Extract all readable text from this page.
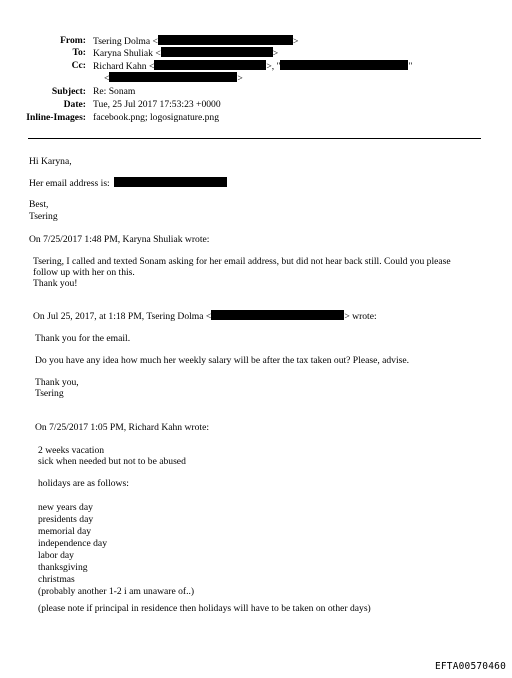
From: Tsering Dolma <	>
To: Karyna Shuliak <	>
Cc: Richard Kahn <	>, "	"
<	>
Subject: Re: Sonam
Date: Tue, 25 Jul 2017 17:53:23 +0000
Inline-Images: facebook.png; logosignature.png
Hi Karyna,
Her email address is:
Best,
Tsering
On 7/25/2017 1:48 PM, Karyna Shuliak wrote:
Tsering, I called and texted Sonam asking for her email address, but did not hear back still. Could you please
follow up with her on this.
Thank you!
On Jul 25, 2017, at 1:18 PM, Tsering Dolma <	> wrote:
Thank you for the email.
Do you have any idea how much her weekly salary will be after the tax taken out? Please, advise.
Thank you,
Tsering
On 7/25/2017 1:05 PM, Richard Kahn wrote:
2 weeks vacation
sick when needed but not to be abused
holidays are as follows:
new years day
presidents day
memorial day
independence day
labor day
thanksgiving
christmas
(probably another 1-2 i am unaware of..)
(please note if principal in residence then holidays will have to be taken on other days)
EFTA00570460
